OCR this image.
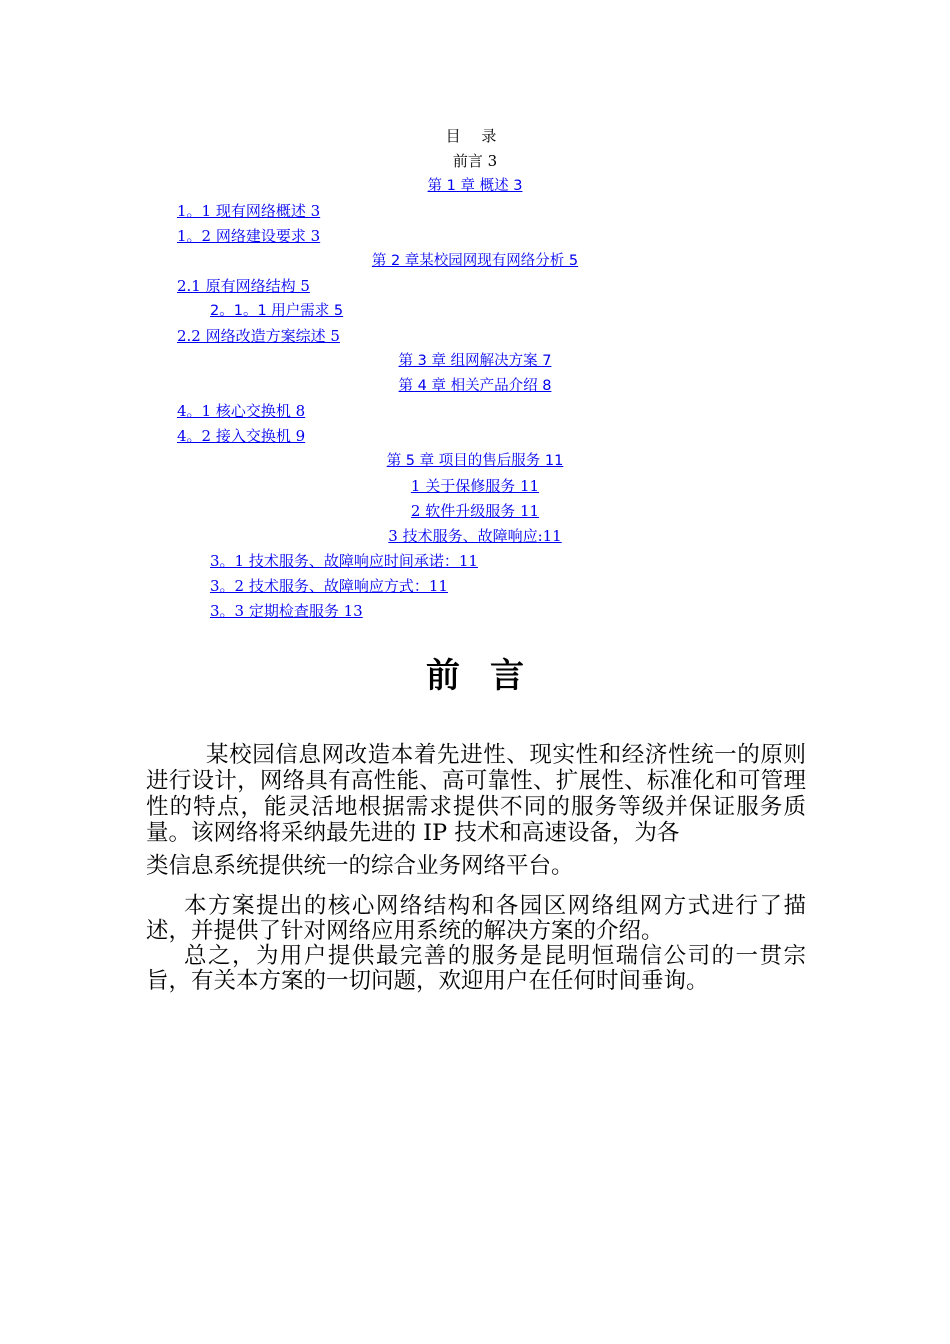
目 录
前言 3
第 1 章 概述 3
1。1 现有网络概述 3
1。2 网络建设要求 3
第 2 章某校园网现有网络分析 5
2.1 原有网络结构 5
2。1。1 用户需求 5
2.2 网络改造方案综述 5
第 3 章 组网解决方案 7
第 4 章 相关产品介绍 8
4。1 核心交换机 8
4。2 接入交换机 9
第 5 章 项目的售后服务 11
1 关于保修服务 11
2 软件升级服务 11
3 技术服务、故障响应:11
3。1 技术服务、故障响应时间承诺：11
3。2 技术服务、故障响应方式：11
3。3 定期检查服务 13
前言
某校园信息网改造本着先进性、现实性和经济性统一的原则进行设计，网络具有高性能、高可靠性、扩展性、标准化和可管理性的特点，能灵活地根据需求提供不同的服务等级并保证服务质量。该网络将采纳最先进的 IP 技术和高速设备，为各
类信息系统提供统一的综合业务网络平台。
本方案提出的核心网络结构和各园区网络组网方式进行了描述，并提供了针对网络应用系统的解决方案的介绍。
总之，为用户提供最完善的服务是昆明恒瑞信公司的一贯宗旨，有关本方案的一切问题，欢迎用户在任何时间垂询。
